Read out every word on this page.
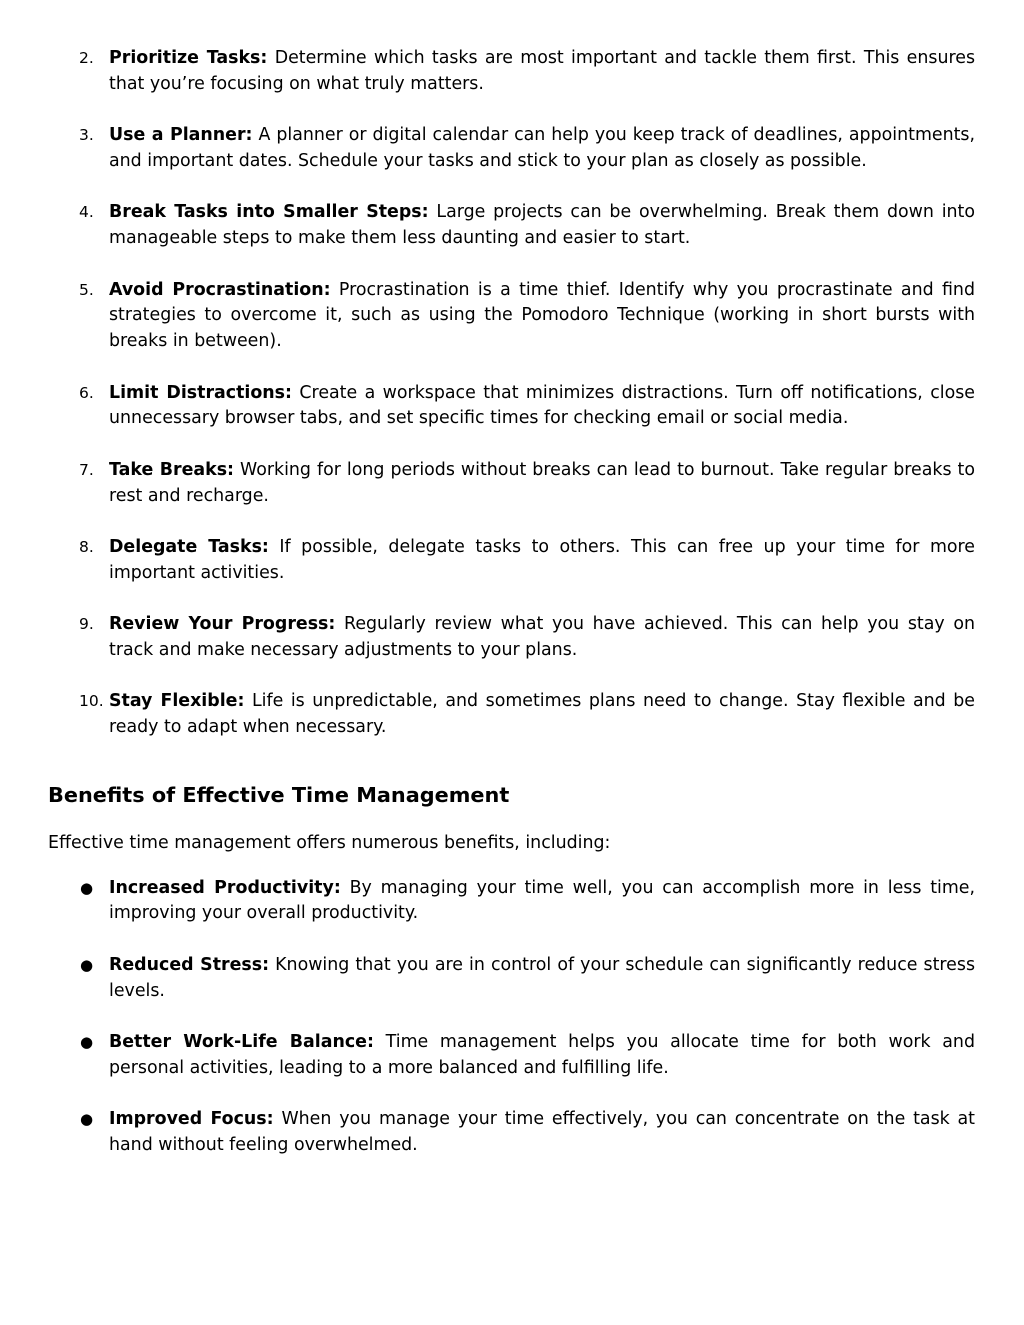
2. Prioritize Tasks: Determine which tasks are most important and tackle them first. This ensures that you’re focusing on what truly matters.
3. Use a Planner: A planner or digital calendar can help you keep track of deadlines, appointments, and important dates. Schedule your tasks and stick to your plan as closely as possible.
4. Break Tasks into Smaller Steps: Large projects can be overwhelming. Break them down into manageable steps to make them less daunting and easier to start.
5. Avoid Procrastination: Procrastination is a time thief. Identify why you procrastinate and find strategies to overcome it, such as using the Pomodoro Technique (working in short bursts with breaks in between).
6. Limit Distractions: Create a workspace that minimizes distractions. Turn off notifications, close unnecessary browser tabs, and set specific times for checking email or social media.
7. Take Breaks: Working for long periods without breaks can lead to burnout. Take regular breaks to rest and recharge.
8. Delegate Tasks: If possible, delegate tasks to others. This can free up your time for more important activities.
9. Review Your Progress: Regularly review what you have achieved. This can help you stay on track and make necessary adjustments to your plans.
10. Stay Flexible: Life is unpredictable, and sometimes plans need to change. Stay flexible and be ready to adapt when necessary.
Benefits of Effective Time Management

Effective time management offers numerous benefits, including:

● Increased Productivity: By managing your time well, you can accomplish more in less time, improving your overall productivity.
● Reduced Stress: Knowing that you are in control of your schedule can significantly reduce stress levels.
● Better Work-Life Balance: Time management helps you allocate time for both work and personal activities, leading to a more balanced and fulfilling life.
● Improved Focus: When you manage your time effectively, you can concentrate on the task at hand without feeling overwhelmed.
